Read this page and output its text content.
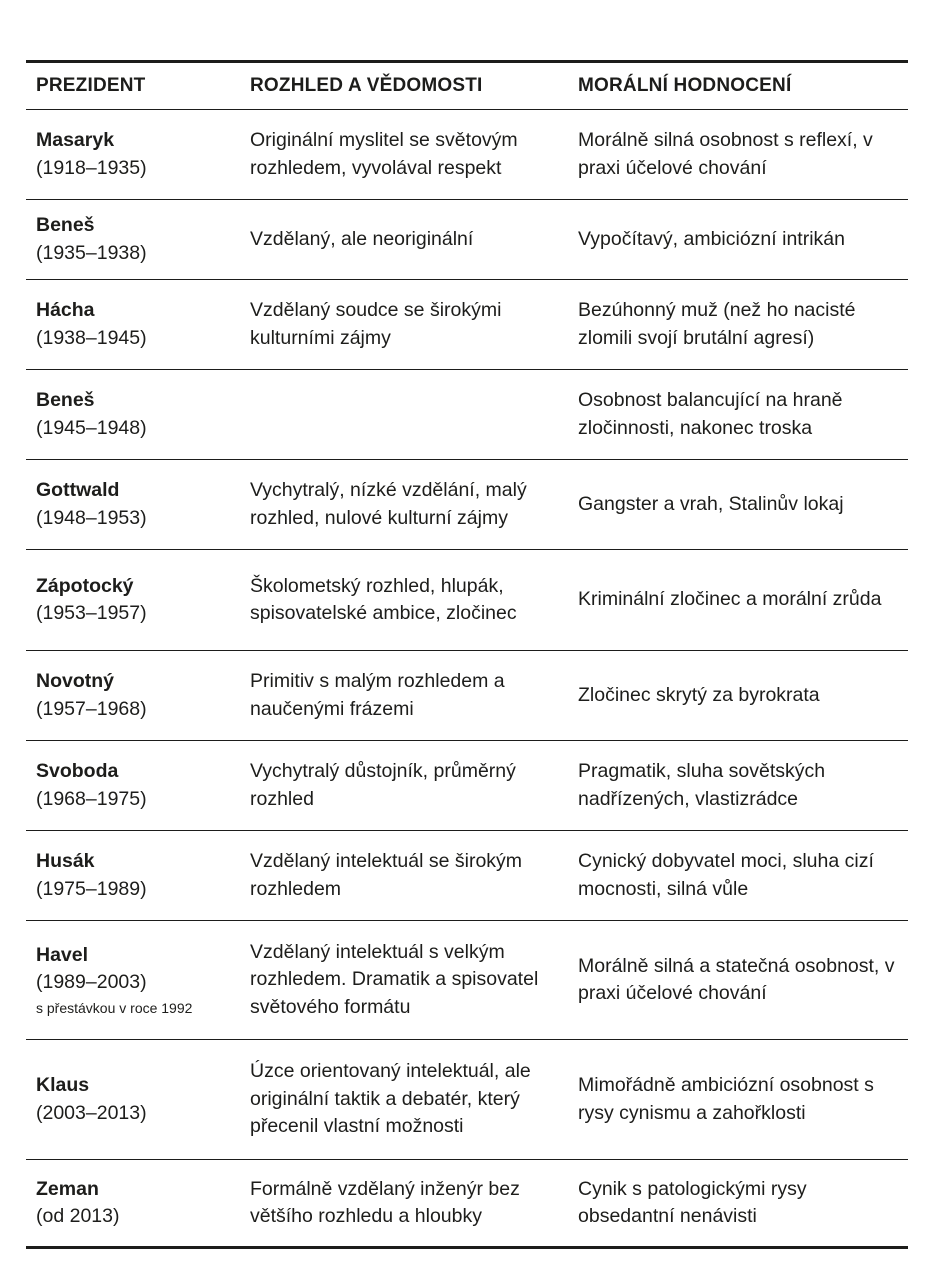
PREZIDENT	ROZHLED A VĚDOMOSTI	MORÁLNÍ HODNOCENÍ

Masaryk
(1918–1935)	Originální myslitel se světovým rozhledem, vyvolával respekt	Morálně silná osobnost s reflexí, v praxi účelové chování

Beneš
(1935–1938)	Vzdělaný, ale neoriginální	Vypočítavý, ambiciózní intrikán

Hácha
(1938–1945)	Vzdělaný soudce se širokými kulturními zájmy	Bezúhonný muž (než ho nacisté zlomili svojí brutální agresí)

Beneš
(1945–1948)		Osobnost balancující na hraně zločinnosti, nakonec troska

Gottwald
(1948–1953)	Vychytralý, nízké vzdělání, malý rozhled, nulové kulturní zájmy	Gangster a vrah, Stalinův lokaj

Zápotocký
(1953–1957)	Školometský rozhled, hlupák, spisovatelské ambice, zločinec	Kriminální zločinec a morální zrůda

Novotný
(1957–1968)	Primitiv s malým rozhledem a naučenými frázemi	Zločinec skrytý za byrokrata

Svoboda
(1968–1975)	Vychytralý důstojník, průměrný rozhled	Pragmatik, sluha sovětských nadřízených, vlastizrádce

Husák
(1975–1989)	Vzdělaný intelektuál se širokým rozhledem	Cynický dobyvatel moci, sluha cizí mocnosti, silná vůle

Havel
(1989–2003)
s přestávkou v roce 1992	Vzdělaný intelektuál s velkým rozhledem. Dramatik a spisovatel světového formátu	Morálně silná a statečná osobnost, v praxi účelové chování

Klaus
(2003–2013)	Úzce orientovaný intelektuál, ale originální taktik a debatér, který přecenil vlastní možnosti	Mimořádně ambiciózní osobnost s rysy cynismu a zahořklosti

Zeman
(od 2013)	Formálně vzdělaný inženýr bez většího rozhledu a hloubky	Cynik s patologickými rysy obsedantní nenávisti
